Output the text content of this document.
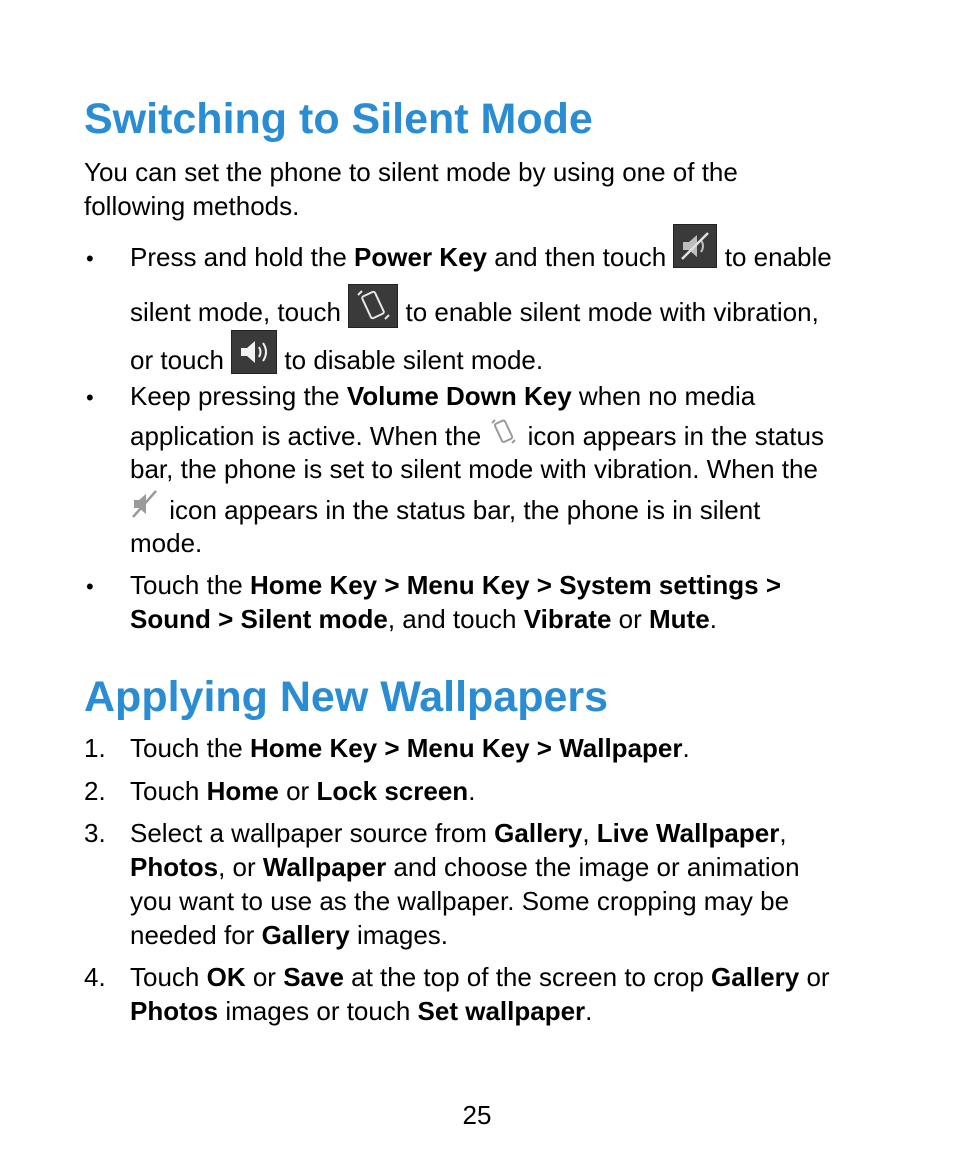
Switching to Silent Mode
You can set the phone to silent mode by using one of the
following methods.
• Press and hold the Power Key and then touch
to enable
silent mode, touch
to enable silent mode with vibration,
or touch
to disable silent mode.
• Keep pressing the Volume Down Key when no media
application is active. When the  icon appears in the status
bar, the phone is set to silent mode with vibration. When the
icon appears in the status bar, the phone is in silent
mode.
• Touch the Home Key > Menu Key > System settings >
Sound > Silent mode, and touch Vibrate or Mute.
Applying New Wallpapers
1. Touch the Home Key > Menu Key > Wallpaper.
2. Touch Home or Lock screen.
3. Select a wallpaper source from Gallery, Live Wallpaper,
Photos, or Wallpaper and choose the image or animation
you want to use as the wallpaper. Some cropping may be
needed for Gallery images.
4. Touch OK or Save at the top of the screen to crop Gallery or
Photos images or touch Set wallpaper.
25
